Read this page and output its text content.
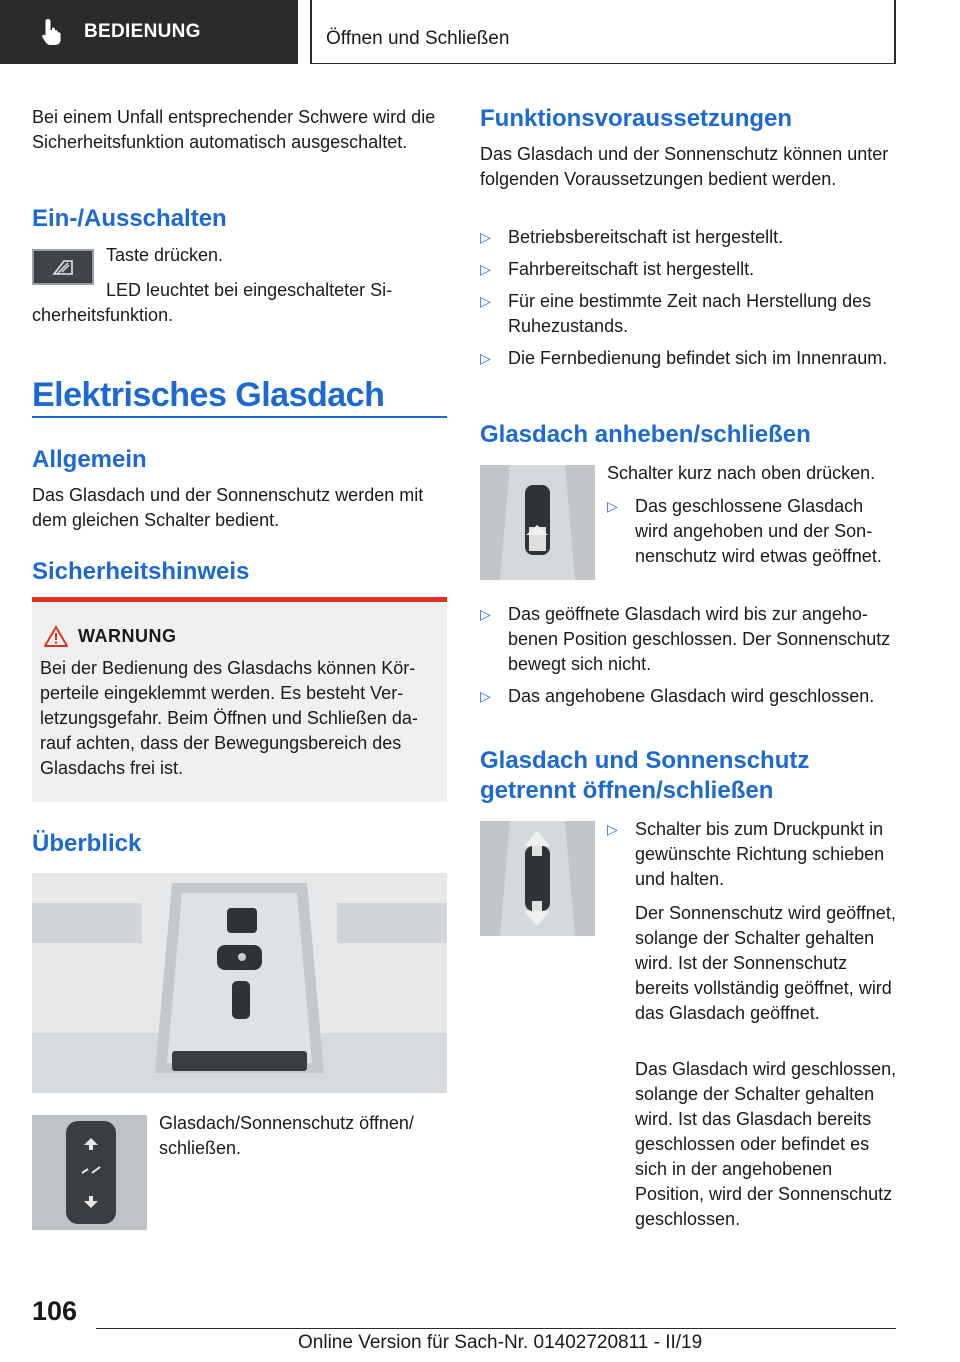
BEDIENUNG	Öffnen und Schließen

Bei einem Unfall entsprechender Schwere wird die Sicherheitsfunktion automatisch ausgeschaltet.

Ein-/Ausschalten
Taste drücken.
LED leuchtet bei eingeschalteter Sicherheitsfunktion.
Elektrisches Glasdach
Allgemein
Das Glasdach und der Sonnenschutz werden mit dem gleichen Schalter bedient.
Sicherheitshinweis
WARNUNG
Bei der Bedienung des Glasdachs können Körperteile eingeklemmt werden. Es besteht Verletzungsgefahr. Beim Öffnen und Schließen darauf achten, dass der Bewegungsbereich des Glasdachs frei ist.
Überblick
Glasdach/Sonnenschutz öffnen/ schließen.
Funktionsvoraussetzungen
Das Glasdach und der Sonnenschutz können unter folgenden Voraussetzungen bedient werden.
▷ Betriebsbereitschaft ist hergestellt.
▷ Fahrbereitschaft ist hergestellt.
▷ Für eine bestimmte Zeit nach Herstellung des Ruhezustands.
▷ Die Fernbedienung befindet sich im Innenraum.
Glasdach anheben/schließen
Schalter kurz nach oben drücken.
▷ Das geschlossene Glasdach wird angehoben und der Sonnenschutz wird etwas geöffnet.
▷ Das geöffnete Glasdach wird bis zur angehobenen Position geschlossen. Der Sonnenschutz bewegt sich nicht.
▷ Das angehobene Glasdach wird geschlossen.
Glasdach und Sonnenschutz
getrennt öffnen/schließen
▷ Schalter bis zum Druckpunkt in gewünschte Richtung schieben und halten.
Der Sonnenschutz wird geöffnet, solange der Schalter gehalten wird. Ist der Sonnenschutz bereits vollständig geöffnet, wird das Glasdach geöffnet.
Das Glasdach wird geschlossen, solange der Schalter gehalten wird. Ist das Glasdach bereits geschlossen oder befindet es sich in der angehobenen Position, wird der Sonnenschutz geschlossen.
106
Online Version für Sach-Nr. 01402720811 - II/19
